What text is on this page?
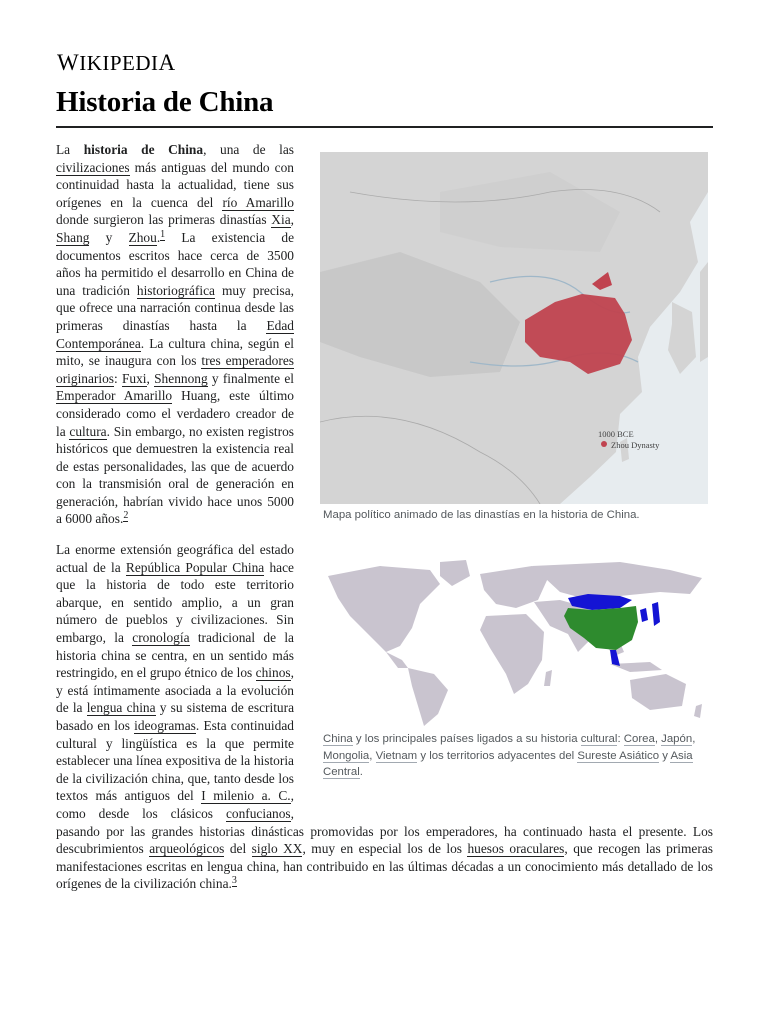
WIKIPEDIA
Historia de China
1000 BCE
Zhou Dynasty
Mapa político animado de las dinastías en la historia de China.
China y los principales países ligados a su historia cultural: Corea, Japón, Mongolia, Vietnam y los territorios adyacentes del Sureste Asiático y Asia Central.

La historia de China, una de las civilizaciones más antiguas del mundo con continuidad hasta la actualidad, tiene sus orígenes en la cuenca del río Amarillo donde surgieron las primeras dinastías Xia, Shang y Zhou.$^1$ La existencia de documentos escritos hace cerca de 3500 años ha permitido el desarrollo en China de una tradición historiográfica muy precisa, que ofrece una narración continua desde las primeras dinastías hasta la Edad Contemporánea. La cultura china, según el mito, se inaugura con los tres emperadores originarios: Fuxi, Shennong y finalmente el Emperador Amarillo Huang, este último considerado como el verdadero creador de la cultura. Sin embargo, no existen registros históricos que demuestren la existencia real de estas personalidades, las que de acuerdo con la transmisión oral de generación en generación, habrían vivido hace unos 5000 a 6000 años.$^2$

La enorme extensión geográfica del estado actual de la República Popular China hace que la historia de todo este territorio abarque, en sentido amplio, a un gran número de pueblos y civilizaciones. Sin embargo, la cronología tradicional de la historia china se centra, en un sentido más restringido, en el grupo étnico de los chinos, y está íntimamente asociada a la evolución de la lengua china y su sistema de escritura basado en los ideogramas. Esta continuidad cultural y lingüística es la que permite establecer una línea expositiva de la historia de la civilización china, que, tanto desde los textos más antiguos del I milenio a. C., como desde los clásicos confucianos, pasando por las grandes historias dinásticas promovidas por los emperadores, ha continuado hasta el presente. Los descubrimientos arqueológicos del siglo XX, muy en especial los de los huesos oraculares, que recogen las primeras manifestaciones escritas en lengua china, han contribuido en las últimas décadas a un conocimiento más detallado de los orígenes de la civilización china.$^3$
